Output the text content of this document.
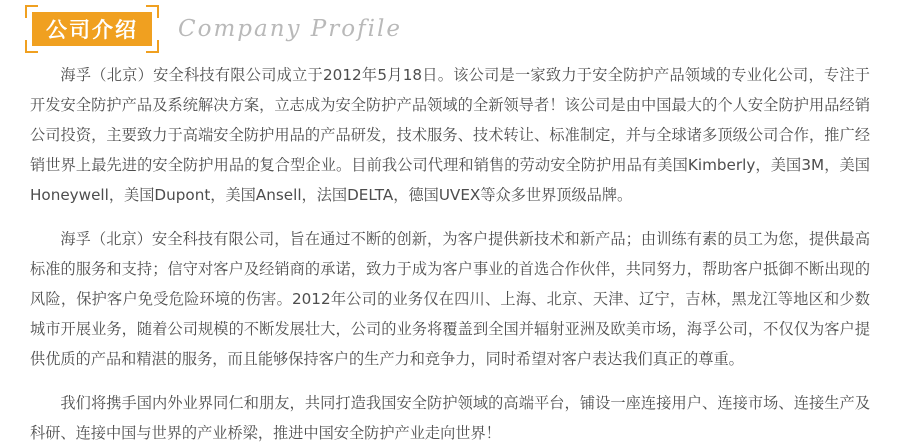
公司介绍 Company Profile

海孚（北京）安全科技有限公司成立于2012年5月18日。该公司是一家致力于安全防护产品领域的专业化公司，专注于开发安全防护产品及系统解决方案，立志成为安全防护产品领域的全新领导者！该公司是由中国最大的个人安全防护用品经销公司投资，主要致力于高端安全防护用品的产品研发，技术服务、技术转让、标准制定，并与全球诸多顶级公司合作，推广经销世界上最先进的安全防护用品的复合型企业。目前我公司代理和销售的劳动安全防护用品有美国Kimberly，美国3M，美国Honeywell，美国Dupont，美国Ansell，法国DELTA，德国UVEX等众多世界顶级品牌。

海孚（北京）安全科技有限公司，旨在通过不断的创新，为客户提供新技术和新产品；由训练有素的员工为您，提供最高标准的服务和支持；信守对客户及经销商的承诺，致力于成为客户事业的首选合作伙伴，共同努力，帮助客户抵御不断出现的风险，保护客户免受危险环境的伤害。2012年公司的业务仅在四川、上海、北京、天津、辽宁，吉林，黑龙江等地区和少数城市开展业务，随着公司规模的不断发展壮大，公司的业务将覆盖到全国并辐射亚洲及欧美市场，海孚公司，不仅仅为客户提供优质的产品和精湛的服务，而且能够保持客户的生产力和竞争力，同时希望对客户表达我们真正的尊重。

我们将携手国内外业界同仁和朋友，共同打造我国安全防护领域的高端平台，铺设一座连接用户、连接市场、连接生产及科研、连接中国与世界的产业桥梁，推进中国安全防护产业走向世界！
